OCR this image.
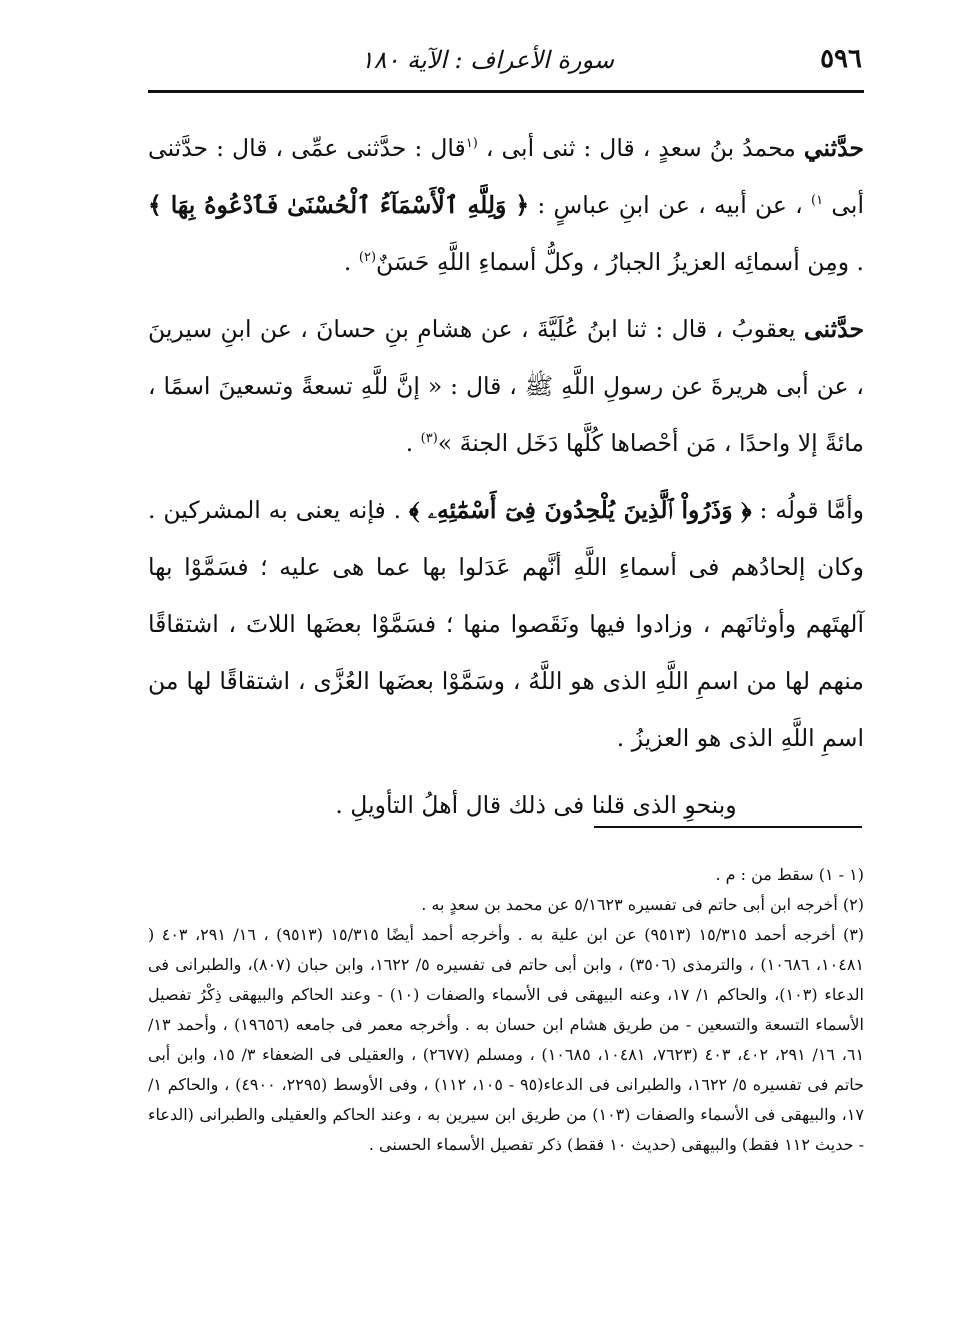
٥٩٦
سورة الأعراف : الآية ١٨٠

حدَّثني محمدُ بنُ سعدٍ ، قال : ثنى أبى ، $^{(١}$قال : حدَّثنى عمِّى ، قال : حدَّثنى أبى $^{١)}$ ، عن أبيه ، عن ابنِ عباسٍ : ﴿ وَلِلَّهِ ٱلْأَسْمَآءُ ٱلْحُسْنَىٰ فَٱدْعُوهُ بِهَا ﴾ . ومِن أسمائِه العزيزُ الجبارُ ، وكلُّ أسماءِ اللَّهِ حَسَنٌ$^{(٢)}$ .

حدَّثنى يعقوبُ ، قال : ثنا ابنُ عُلَيَّةَ ، عن هشامِ بنِ حسانَ ، عن ابنِ سيرينَ ، عن أبى هريرةَ عن رسولِ اللَّهِ ﷺ ، قال : « إنَّ للَّهِ تسعةً وتسعينَ اسمًا ، مائةً إلا واحدًا ، مَن أحْصاها كُلَّها دَخَل الجنةَ »$^{(٣)}$ .

وأمَّا قولُه : ﴿ وَذَرُواْ ٱلَّذِينَ يُلْحِدُونَ فِىٓ أَسْمَٰٓئِهِۦ ﴾ . فإنه يعنى به المشركين . وكان إلحادُهم فى أسماءِ اللَّهِ أنَّهم عَدَلوا بها عما هى عليه ؛ فسَمَّوْا بها آلهتَهم وأوثانَهم ، وزادوا فيها ونَقَصوا منها ؛ فسَمَّوْا بعضَها اللاتَ ، اشتقاقًا منهم لها من اسمِ اللَّهِ الذى هو اللَّهُ ، وسَمَّوْا بعضَها العُزَّى ، اشتقاقًا لها من اسمِ اللَّهِ الذى هو العزيزُ .

وبنحوِ الذى قلنا فى ذلك قال أهلُ التأويلِ .

(١ - ١) سقط من : م .

(٢) أخرجه ابن أبى حاتم فى تفسيره ٥/١٦٢٣ عن محمد بن سعدٍ به .

(٣) أخرجه أحمد ١٥/٣١٥ (٩٥١٣) عن ابن علية به . وأخرجه أحمد أيضًا ١٥/٣١٥ (٩٥١٣) ، ١٦/ ٢٩١، ٤٠٣ ( ١٠٤٨١، ١٠٦٨٦) ، والترمذى (٣٥٠٦) ، وابن أبى حاتم فى تفسيره ٥/ ١٦٢٢، وابن حبان (٨٠٧)، والطبرانى فى الدعاء (١٠٣)، والحاكم ١/ ١٧، وعنه البيهقى فى الأسماء والصفات (١٠) - وعند الحاكم والبيهقى ذِكْرُ تفصيل الأسماء التسعة والتسعين - من طريق هشام ابن حسان به . وأخرجه معمر فى جامعه (١٩٦٥٦) ، وأحمد ١٣/ ٦١، ١٦/ ٢٩١، ٤٠٢، ٤٠٣ (٧٦٢٣، ١٠٤٨١، ١٠٦٨٥) ، ومسلم (٢٦٧٧) ، والعقيلى فى الضعفاء ٣/ ١٥، وابن أبى حاتم فى تفسيره ٥/ ١٦٢٢، والطبرانى فى الدعاء(٩٥ - ١٠٥، ١١٢) ، وفى الأوسط (٢٢٩٥، ٤٩٠٠) ، والحاكم ١/ ١٧، والبيهقى فى الأسماء والصفات (١٠٣) من طريق ابن سيرين به ، وعند الحاكم والعقيلى والطبرانى (الدعاء - حديث ١١٢ فقط) والبيهقى (حديث ١٠ فقط) ذكر تفصيل الأسماء الحسنى .
